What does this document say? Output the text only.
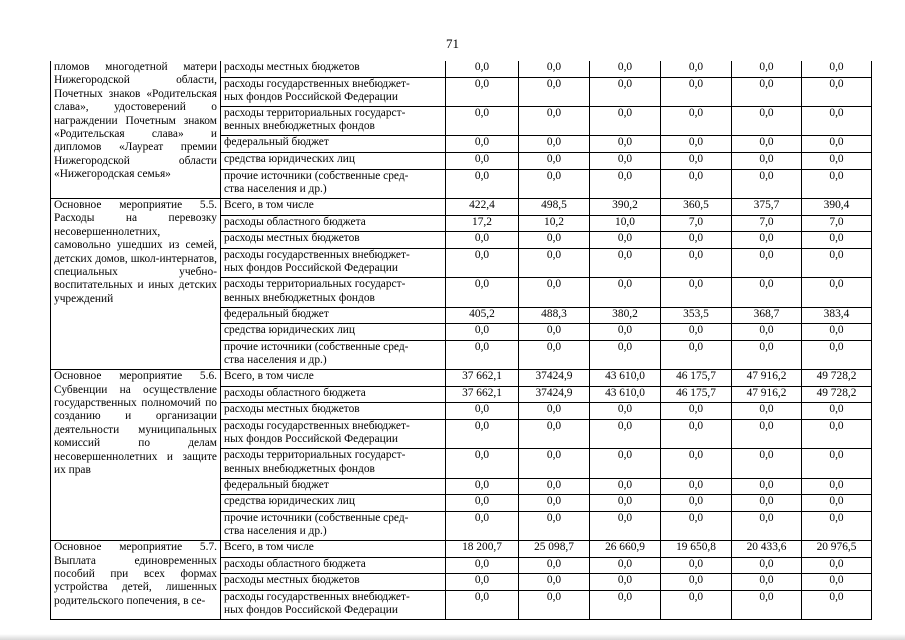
71
пломов многодетной матери Нижегородской области, Почетных знаков «Родительская слава», удостоверений о награждении Почетным знаком «Родительская слава» и дипломов «Лауреат премии Нижегородской области «Нижегородская семья»	расходы местных бюджетов	0,0	0,0	0,0	0,0	0,0	0,0
	расходы государственных внебюджет-
ных фондов Российской Федерации	0,0	0,0	0,0	0,0	0,0	0,0
	расходы территориальных государст-
венных внебюджетных фондов	0,0	0,0	0,0	0,0	0,0	0,0
	федеральный бюджет	0,0	0,0	0,0	0,0	0,0	0,0
	средства юридических лиц	0,0	0,0	0,0	0,0	0,0	0,0
	прочие источники (собственные сред-
ства населения и др.)	0,0	0,0	0,0	0,0	0,0	0,0
Основное мероприятие 5.5. Расходы на перевозку несовершеннолетних, самовольно ушедших из семей, детских домов, школ-интернатов, специальных учебно-воспитательных и иных детских учреждений	Всего, в том числе	422,4	498,5	390,2	360,5	375,7	390,4
	расходы областного бюджета	17,2	10,2	10,0	7,0	7,0	7,0
	расходы местных бюджетов	0,0	0,0	0,0	0,0	0,0	0,0
	расходы государственных внебюджет-
ных фондов Российской Федерации	0,0	0,0	0,0	0,0	0,0	0,0
	расходы территориальных государст-
венных внебюджетных фондов	0,0	0,0	0,0	0,0	0,0	0,0
	федеральный бюджет	405,2	488,3	380,2	353,5	368,7	383,4
	средства юридических лиц	0,0	0,0	0,0	0,0	0,0	0,0
	прочие источники (собственные сред-
ства населения и др.)	0,0	0,0	0,0	0,0	0,0	0,0
Основное мероприятие 5.6. Субвенции на осуществление государственных полномочий по созданию и организации деятельности муниципальных комиссий по делам несовершеннолетних и защите их прав	Всего, в том числе	37 662,1	37424,9	43 610,0	46 175,7	47 916,2	49 728,2
	расходы областного бюджета	37 662,1	37424,9	43 610,0	46 175,7	47 916,2	49 728,2
	расходы местных бюджетов	0,0	0,0	0,0	0,0	0,0	0,0
	расходы государственных внебюджет-
ных фондов Российской Федерации	0,0	0,0	0,0	0,0	0,0	0,0
	расходы территориальных государст-
венных внебюджетных фондов	0,0	0,0	0,0	0,0	0,0	0,0
	федеральный бюджет	0,0	0,0	0,0	0,0	0,0	0,0
	средства юридических лиц	0,0	0,0	0,0	0,0	0,0	0,0
	прочие источники (собственные сред-
ства населения и др.)	0,0	0,0	0,0	0,0	0,0	0,0
Основное мероприятие 5.7. Выплата единовременных пособий при всех формах устройства детей, лишенных родительского попечения, в се-	Всего, в том числе	18 200,7	25 098,7	26 660,9	19 650,8	20 433,6	20 976,5
	расходы областного бюджета	0,0	0,0	0,0	0,0	0,0	0,0
	расходы местных бюджетов	0,0	0,0	0,0	0,0	0,0	0,0
	расходы государственных внебюджет-
ных фондов Российской Федерации	0,0	0,0	0,0	0,0	0,0	0,0
